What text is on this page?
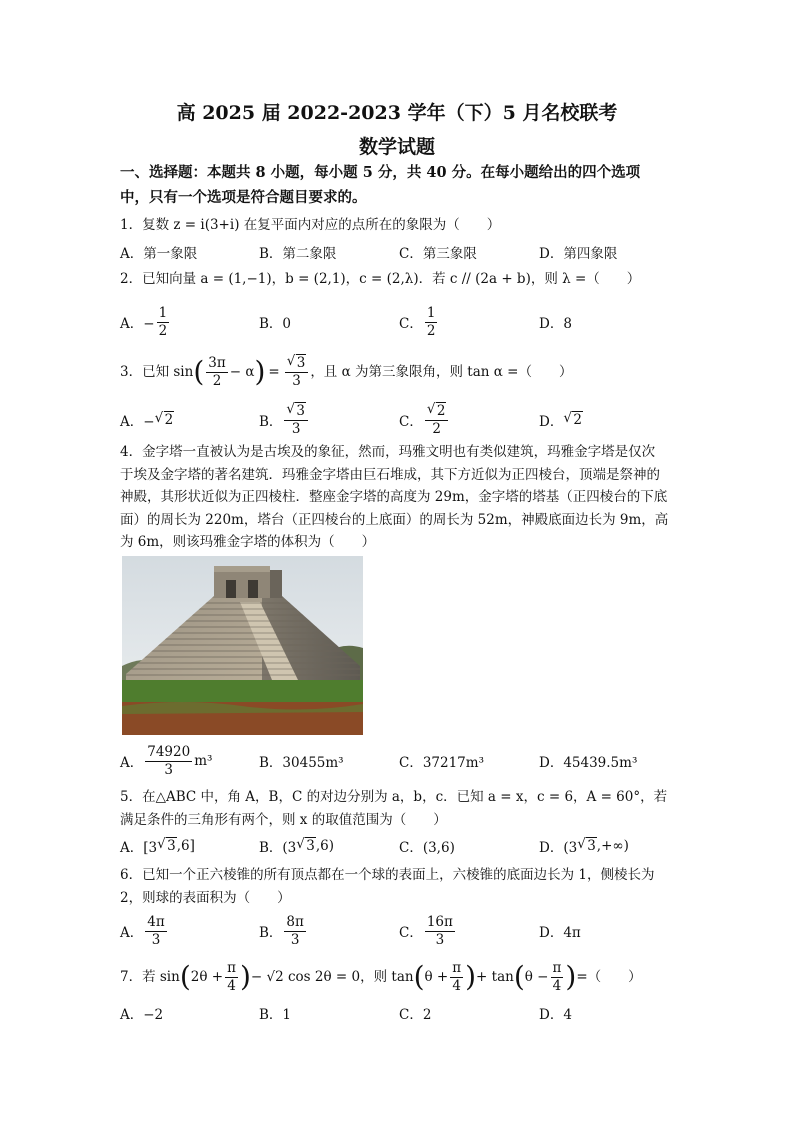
高 2025 届 2022-2023 学年（下）5 月名校联考
数学试题
一、选择题：本题共 8 小题，每小题 5 分，共 40 分。在每小题给出的四个选项
中，只有一个选项是符合题目要求的。
1．复数 z = i(3+i) 在复平面内对应的点所在的象限为（　　）
A．第一象限	B．第二象限	C．第三象限	D．第四象限
2．已知向量 a = (1,−1)，b = (2,1)，c = (2,λ)．若 c // (2a + b)，则 λ =（　　）
A．− $\frac{1}{2}$	B．0	C． $\frac{1}{2}$	D．8
3．已知 sin ( $\frac{3\pi}{2} - \alpha$ ) = √ $\frac{3}{3}$ ，且 α 为第三象限角，则 tan α =（　　）
A．− √ 2	B． √ $\frac{3}{3}$	C． √ $\frac{2}{2}$	D． √ 2
4．金字塔一直被认为是古埃及的象征，然而，玛雅文明也有类似建筑，玛雅金字塔是仅次
于埃及金字塔的著名建筑．玛雅金字塔由巨石堆成，其下方近似为正四棱台，顶端是祭神的
神殿，其形状近似为正四棱柱．整座金字塔的高度为 29m，金字塔的塔基（正四棱台的下底
面）的周长为 220m，塔台（正四棱台的上底面）的周长为 52m，神殿底面边长为 9m，高
为 6m，则该玛雅金字塔的体积为（　　）
A． $\frac{74920}{3} m^3$	B．30455m³	C．37217m³	D．45439.5m³
5．在△ABC 中，角 A，B，C 的对边分别为 a，b，c．已知 a = x，c = 6，A = 60°，若
满足条件的三角形有两个，则 x 的取值范围为（　　）
A．[3 √ 3 ,6]	B．(3 √ 3 ,6)	C．(3,6)	D．(3 √ 3 ,+∞)
6．已知一个正六棱锥的所有顶点都在一个球的表面上，六棱锥的底面边长为 1，侧棱长为
2，则球的表面积为（　　）
A． $\frac{4\pi}{3}$	B． $\frac{8\pi}{3}$	C． $\frac{16\pi}{3}$	D．4π
7．若 sin ( $2\theta + \frac{\pi}{4}$ ) − √2 cos 2θ = 0，则 tan ( $\theta + \frac{\pi}{4}$ ) + tan ( $\theta - \frac{\pi}{4}$ ) =（　　）
A．−2	B．1	C．2	D．4
